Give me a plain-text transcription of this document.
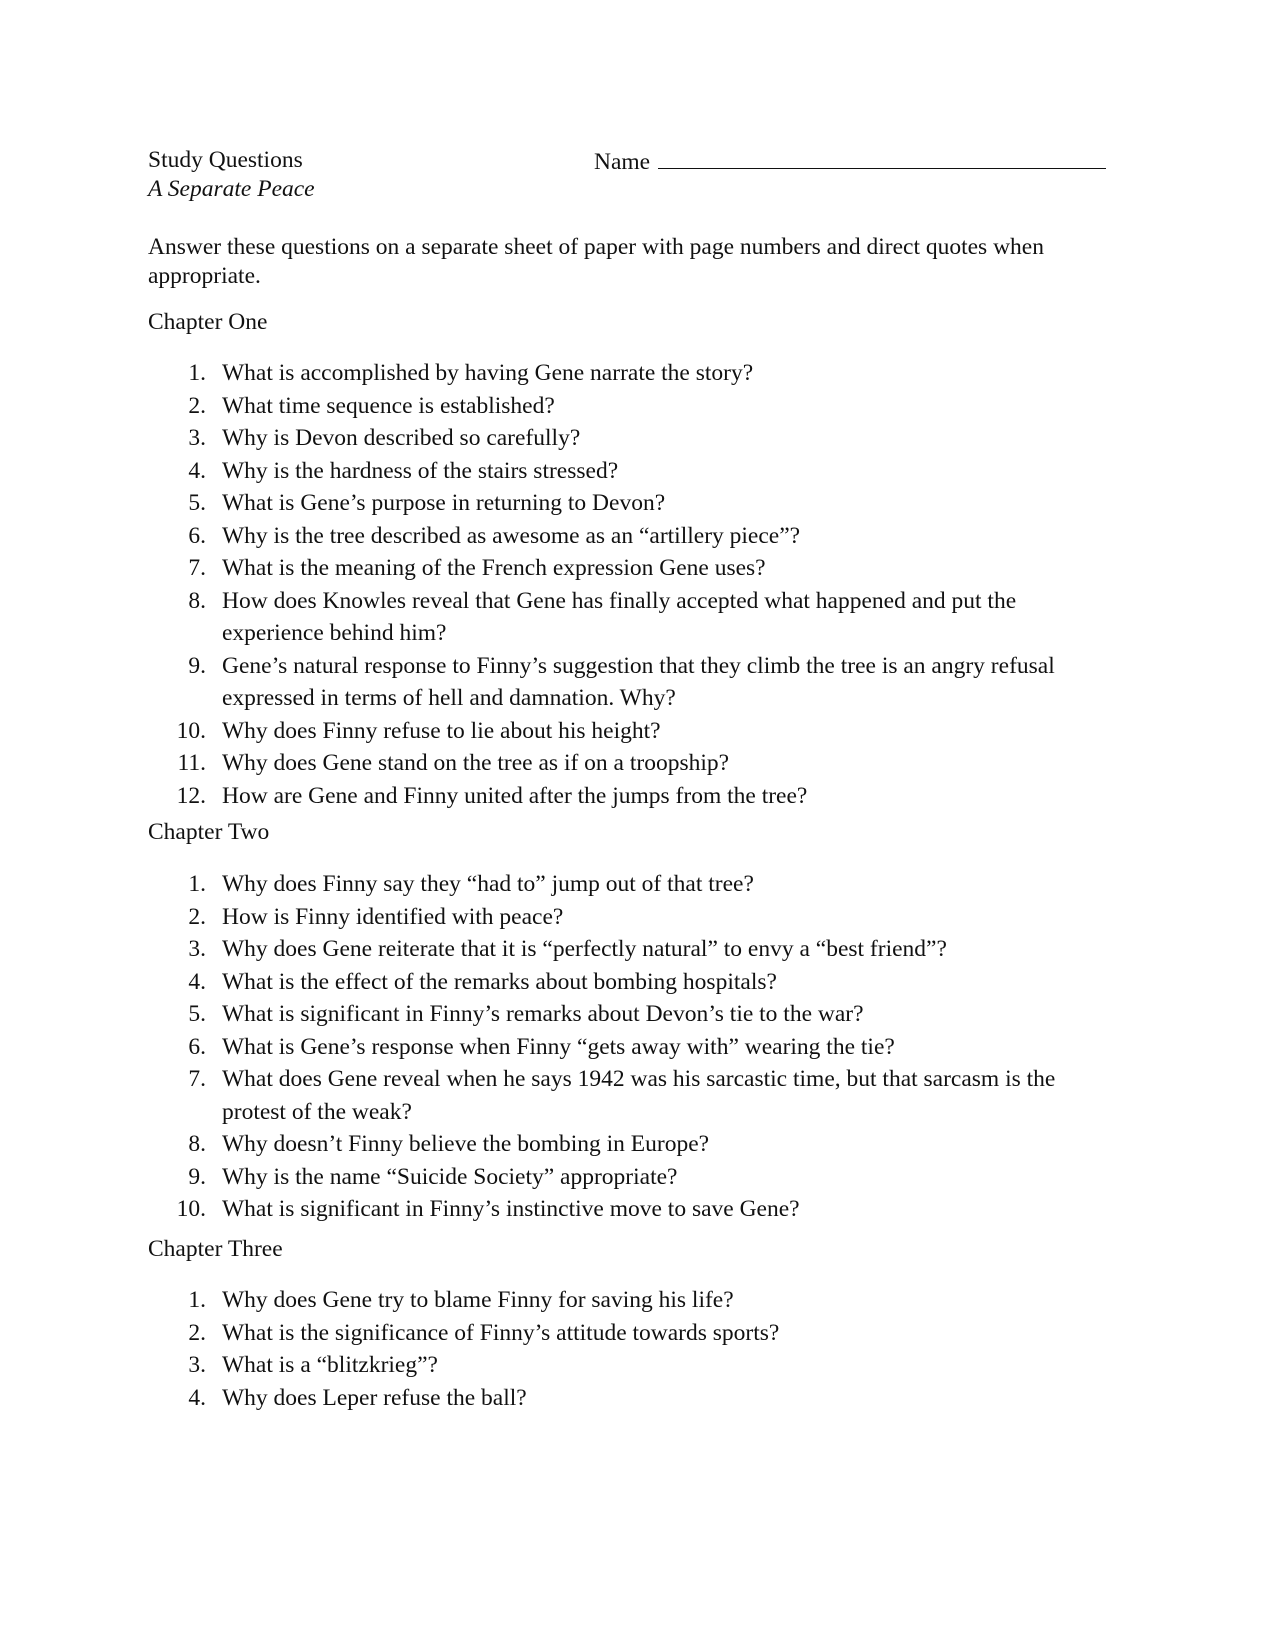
Study Questions
A Separate Peace
Name
Answer these questions on a separate sheet of paper with page numbers and direct quotes when appropriate.
Chapter One
1. What is accomplished by having Gene narrate the story?
2. What time sequence is established?
3. Why is Devon described so carefully?
4. Why is the hardness of the stairs stressed?
5. What is Gene’s purpose in returning to Devon?
6. Why is the tree described as awesome as an “artillery piece”?
7. What is the meaning of the French expression Gene uses?
8. How does Knowles reveal that Gene has finally accepted what happened and put the experience behind him?
9. Gene’s natural response to Finny’s suggestion that they climb the tree is an angry refusal expressed in terms of hell and damnation. Why?
10. Why does Finny refuse to lie about his height?
11. Why does Gene stand on the tree as if on a troopship?
12. How are Gene and Finny united after the jumps from the tree?
Chapter Two
1. Why does Finny say they “had to” jump out of that tree?
2. How is Finny identified with peace?
3. Why does Gene reiterate that it is “perfectly natural” to envy a “best friend”?
4. What is the effect of the remarks about bombing hospitals?
5. What is significant in Finny’s remarks about Devon’s tie to the war?
6. What is Gene’s response when Finny “gets away with” wearing the tie?
7. What does Gene reveal when he says 1942 was his sarcastic time, but that sarcasm is the protest of the weak?
8. Why doesn’t Finny believe the bombing in Europe?
9. Why is the name “Suicide Society” appropriate?
10. What is significant in Finny’s instinctive move to save Gene?
Chapter Three
1. Why does Gene try to blame Finny for saving his life?
2. What is the significance of Finny’s attitude towards sports?
3. What is a “blitzkrieg”?
4. Why does Leper refuse the ball?
